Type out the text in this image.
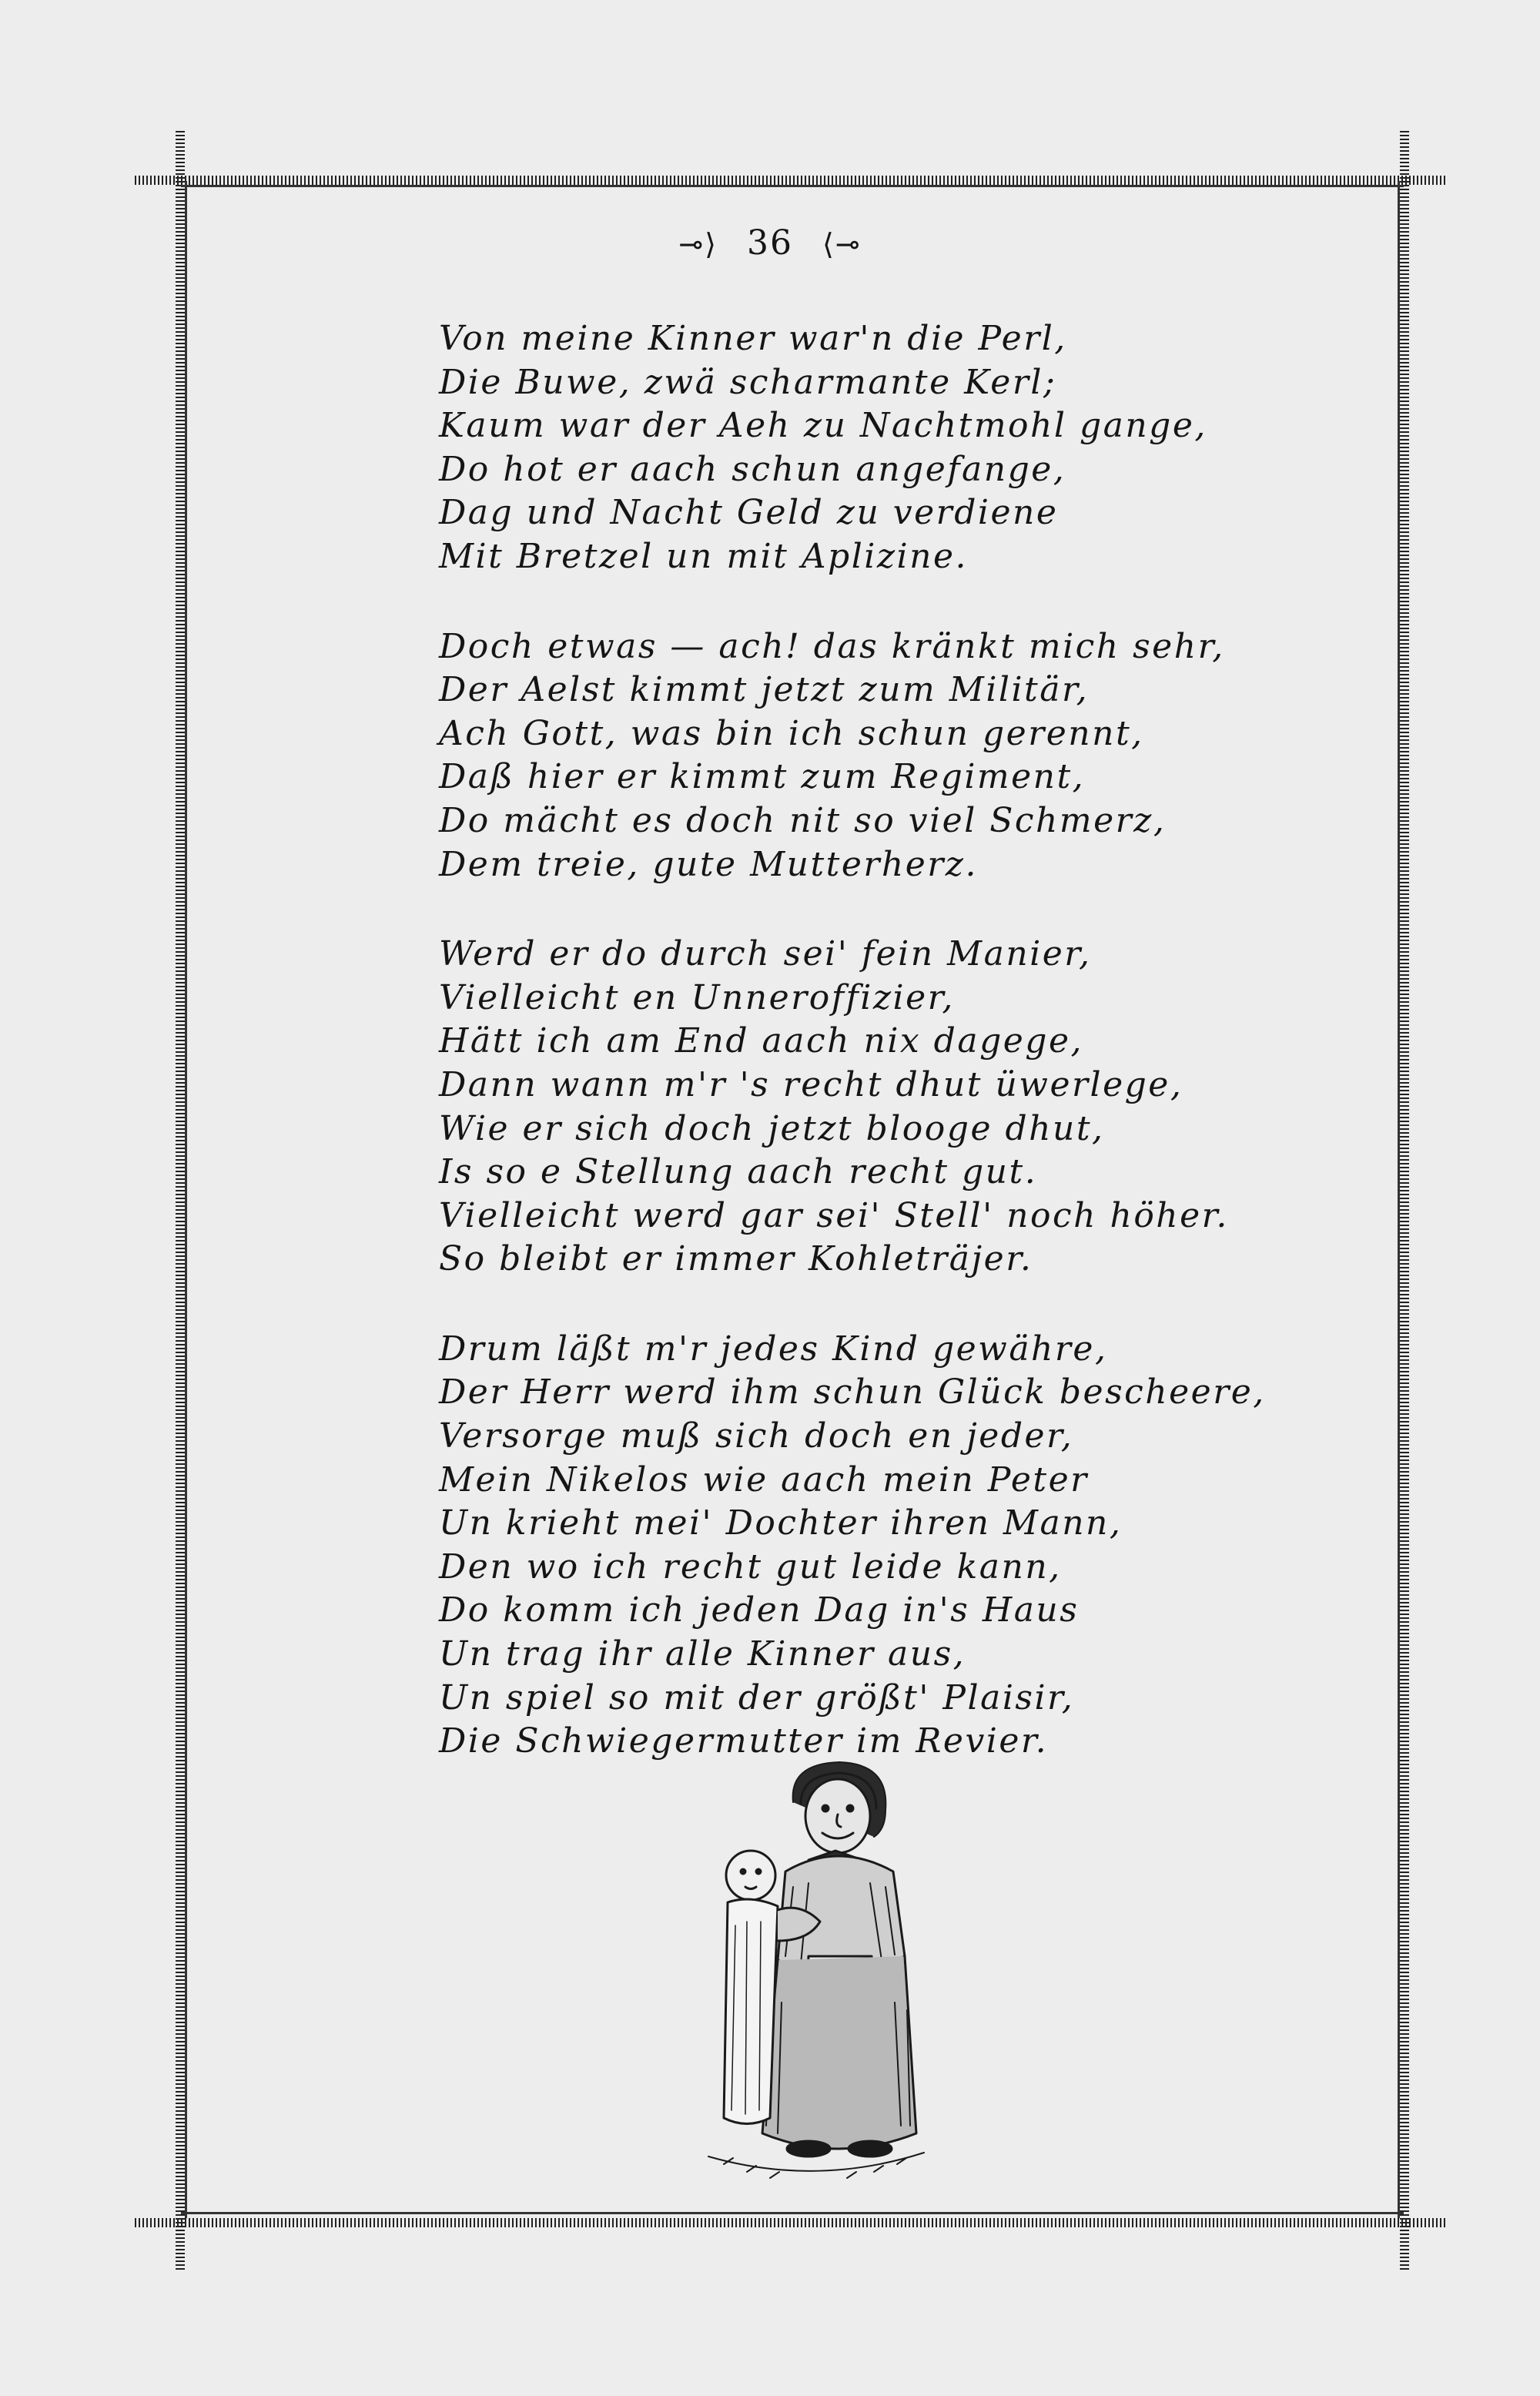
⊸⟩ 36 ⟨⊸
Von meine Kinner war'n die Perl,
Die Buwe, zwä scharmante Kerl;
Kaum war der Aeh zu Nachtmohl gange,
Do hot er aach schun angefange,
Dag und Nacht Geld zu verdiene
Mit Bretzel un mit Aplizine.
Doch etwas — ach! das kränkt mich sehr,
Der Aelst kimmt jetzt zum Militär,
Ach Gott, was bin ich schun gerennt,
Daß hier er kimmt zum Regiment,
Do mächt es doch nit so viel Schmerz,
Dem treie, gute Mutterherz.
Werd er do durch sei' fein Manier,
Vielleicht en Unneroffizier,
Hätt ich am End aach nix dagege,
Dann wann m'r 's recht dhut üwerlege,
Wie er sich doch jetzt blooge dhut,
Is so e Stellung aach recht gut.
Vielleicht werd gar sei' Stell' noch höher.
So bleibt er immer Kohleträjer.
Drum läßt m'r jedes Kind gewähre,
Der Herr werd ihm schun Glück bescheere,
Versorge muß sich doch en jeder,
Mein Nikelos wie aach mein Peter
Un krieht mei' Dochter ihren Mann,
Den wo ich recht gut leide kann,
Do komm ich jeden Dag in's Haus
Un trag ihr alle Kinner aus,
Un spiel so mit der größt' Plaisir,
Die Schwiegermutter im Revier.
